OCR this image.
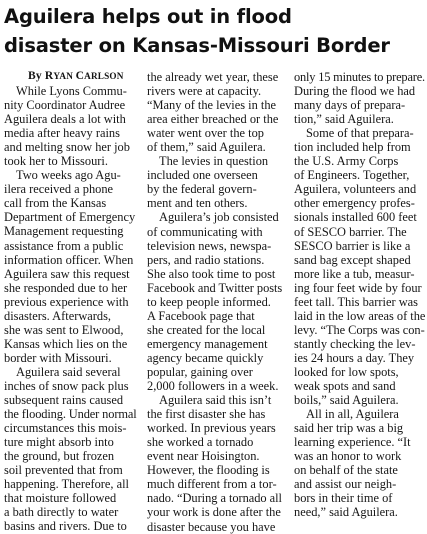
Aguilera helps out in flood
disaster on Kansas-Missouri Border
By RYAN CARLSON
While Lyons Commu-
nity Coordinator Audree
Aguilera deals a lot with
media after heavy rains
and melting snow her job
took her to Missouri.
Two weeks ago Agu-
ilera received a phone
call from the Kansas
Department of Emergency
Management requesting
assistance from a public
information officer. When
Aguilera saw this request
she responded due to her
previous experience with
disasters. Afterwards,
she was sent to Elwood,
Kansas which lies on the
border with Missouri.
Aguilera said several
inches of snow pack plus
subsequent rains caused
the flooding. Under normal
circumstances this mois-
ture might absorb into
the ground, but frozen
soil prevented that from
happening. Therefore, all
that moisture followed
a bath directly to water
basins and rivers. Due to
the already wet year, these
rivers were at capacity.
“Many of the levies in the
area either breached or the
water went over the top
of them,” said Aguilera.
The levies in question
included one overseen
by the federal govern-
ment and ten others.
Aguilera’s job consisted
of communicating with
television news, newspa-
pers, and radio stations.
She also took time to post
Facebook and Twitter posts
to keep people informed.
A Facebook page that
she created for the local
emergency management
agency became quickly
popular, gaining over
2,000 followers in a week.
Aguilera said this isn’t
the first disaster she has
worked. In previous years
she worked a tornado
event near Hoisington.
However, the flooding is
much different from a tor-
nado. “During a tornado all
your work is done after the
disaster because you have
only 15 minutes to prepare.
During the flood we had
many days of prepara-
tion,” said Aguilera.
Some of that prepara-
tion included help from
the U.S. Army Corps
of Engineers. Together,
Aguilera, volunteers and
other emergency profes-
sionals installed 600 feet
of SESCO barrier. The
SESCO barrier is like a
sand bag except shaped
more like a tub, measur-
ing four feet wide by four
feet tall. This barrier was
laid in the low areas of the
levy. “The Corps was con-
stantly checking the lev-
ies 24 hours a day. They
looked for low spots,
weak spots and sand
boils,” said Aguilera.
All in all, Aguilera
said her trip was a big
learning experience. “It
was an honor to work
on behalf of the state
and assist our neigh-
bors in their time of
need,” said Aguilera.
